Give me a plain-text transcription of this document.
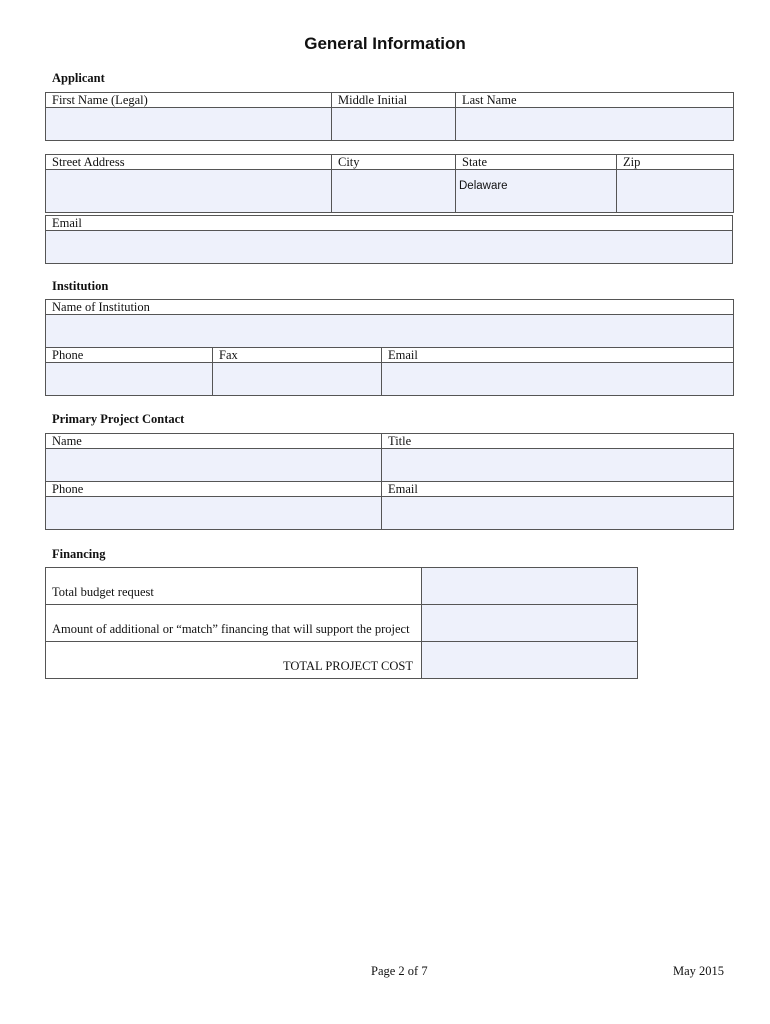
General Information
Applicant
First Name (Legal)	Middle Initial	Last Name

Street Address	City	State	Zip
		Delaware	
Email

Institution
Name of Institution		

Phone	Fax	Email

Primary Project Contact
Name	Title

Phone	Email

Financing
Total budget request	
Amount of additional or “match” financing that will support the project	
TOTAL PROJECT COST	
Page 2 of 7	May 2015
